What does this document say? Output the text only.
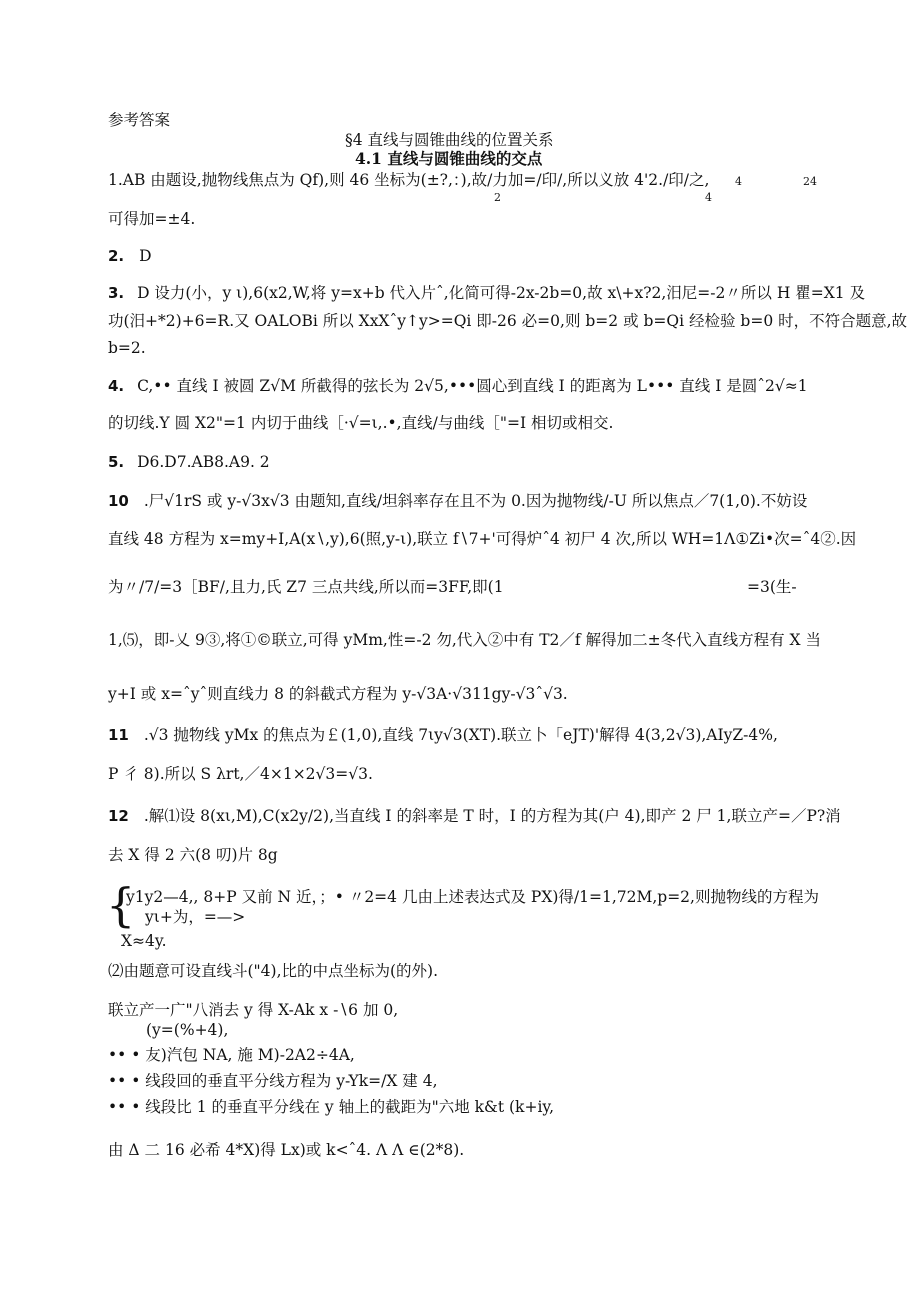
参考答案
§4 直线与圆锥曲线的位置关系
4.1 直线与圆锥曲线的交点
1.AB 由题设,抛物线焦点为 Qf),则 46 坐标为(±?,：),故/力加=/印/,所以义放 4'2./印/之, 4	24
2	4
可得加=±4.
2. D
3. D 设力(小，y ι),6(x2,W,将 y=x+b 代入片ˆ,化简可得-2x-2b=0,故 x\+x?2,汨尼=-2〃所以 H 瞿=X1 及
功(汨+*2)+6=R.又 OALOBi 所以 XxXˆy↑y>=Qi 即-26 必=0,则 b=2 或 b=Qi 经检验 b=0 时，不符合题意,故
b=2.
4. C,•• 直线 I 被圆 Z√M 所截得的弦长为 2√5,•••圆心到直线 I 的距离为 L••• 直线 I 是圆ˆ2√≈1
的切线.Y 圆 X2"=1 内切于曲线［·√=ι,.•,直线/与曲线［"=I 相切或相交.
5. D6.D7.AB8.A9. 2
10 .尸√1rS 或 y-√3x√3 由题知,直线/坦斜率存在且不为 0.因为抛物线/-U 所以焦点／7(1,0).不妨设
直线 48 方程为 x=my+I,A(x∖,y),6(照,y-ι),联立 f∖7+'可得炉ˆ4 初尸 4 次,所以 WH=1Λ①Zi•次=ˆ4②.因
为〃/7/=3［BF/,且力,氏 Z7 三点共线,所以而=3FF,即(1	=3(生-
1,⑸，即-乂 9③,将①©联立,可得 yMm,性=-2 勿,代入②中有 T2／f 解得加二±冬代入直线方程有 X 当
y+I 或 x=ˆyˆ则直线力 8 的斜截式方程为 y-√3A·√311gy-√3ˆ√3.
11 .√3 抛物线 yMx 的焦点为￡(1,0),直线 7ιy√3(XT).联立卜「eJT)'解得 4(3,2√3),AIyZ-4%,
P 彳 8).所以 S λrt,／4×1×2√3=√3.
12 .解⑴设 8(xι,M),C(x2y/2),当直线 I 的斜率是 T 时，I 的方程为其(户 4),即产 2 尸 1,联立产=／P?消
去 X 得 2 六(8 叨)片 8g
{
y1y2—4,, 8+P 又前 N 近，；• 〃2=4 几由上述表达式及 PX)得/1=1,72M,p=2,则抛物线的方程为
yι+为，=—>
X≈4y.
⑵由题意可设直线斗("4),比的中点坐标为(的外).
联立产一广"八消去 y 得 X-Ak x -∖6 加 0,
(y=(%+4),
•• • 友)汽包 NA, 施 M)-2A2÷4A,
•• • 线段回的垂直平分线方程为 y-Yk=/X 建 4,
•• • 线段比 1 的垂直平分线在 y 轴上的截距为"六地 k&t (k+iy,
由 Δ 二 16 必希 4*X)得 Lx)或 k<ˆ4. Λ Λ ∈(2*8).
